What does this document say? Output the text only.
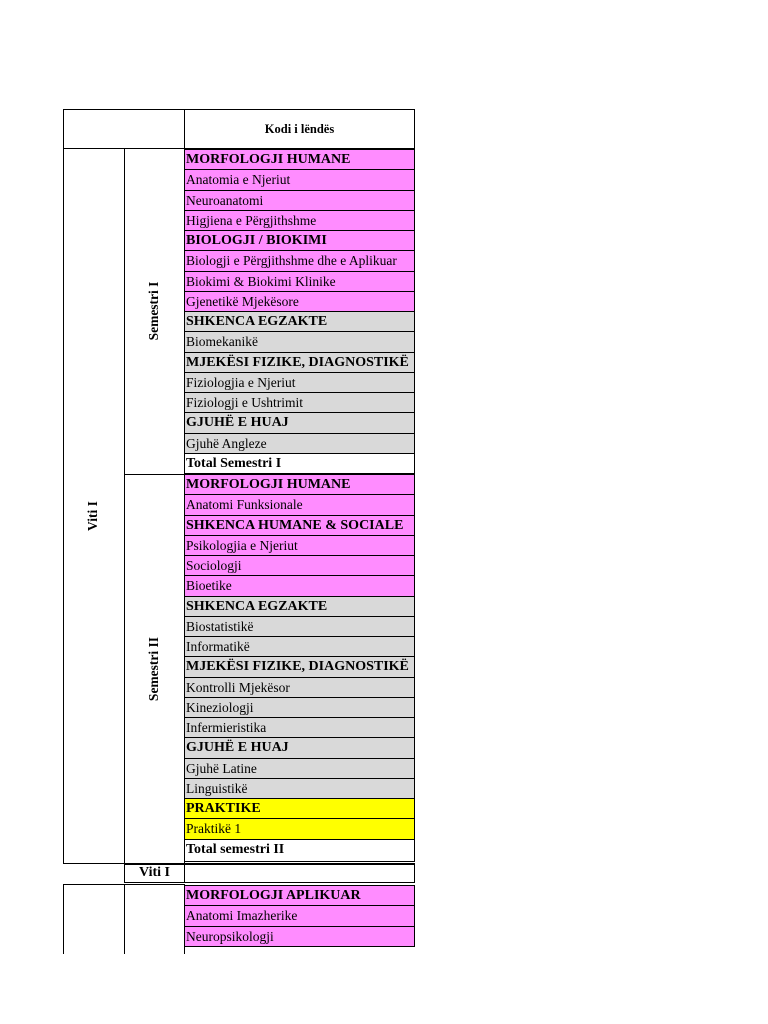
Kodi i lëndës
Viti I
Semestri I
Semestri II
MORFOLOGJI HUMANE
Anatomia e Njeriut
Neuroanatomi
Higjiena e Përgjithshme
BIOLOGJI / BIOKIMI
Biologji e Përgjithshme dhe e Aplikuar
Biokimi & Biokimi Klinike
Gjenetikë Mjekësore
SHKENCA EGZAKTE
Biomekanikë
MJEKËSI FIZIKE, DIAGNOSTIKË
Fiziologjia e Njeriut
Fiziologji e Ushtrimit
GJUHË E HUAJ
Gjuhë Angleze
Total Semestri I
MORFOLOGJI HUMANE
Anatomi Funksionale
SHKENCA HUMANE & SOCIALE
Psikologjia e Njeriut
Sociologji
Bioetike
SHKENCA EGZAKTE
Biostatistikë
Informatikë
MJEKËSI FIZIKE, DIAGNOSTIKË
Kontrolli Mjekësor
Kineziologji
Infermieristika
GJUHË E HUAJ
Gjuhë Latine
Linguistikë
PRAKTIKE
Praktikë 1
Total semestri II
MORFOLOGJI APLIKUAR
Anatomi Imazherike
Neuropsikologji
Viti I
